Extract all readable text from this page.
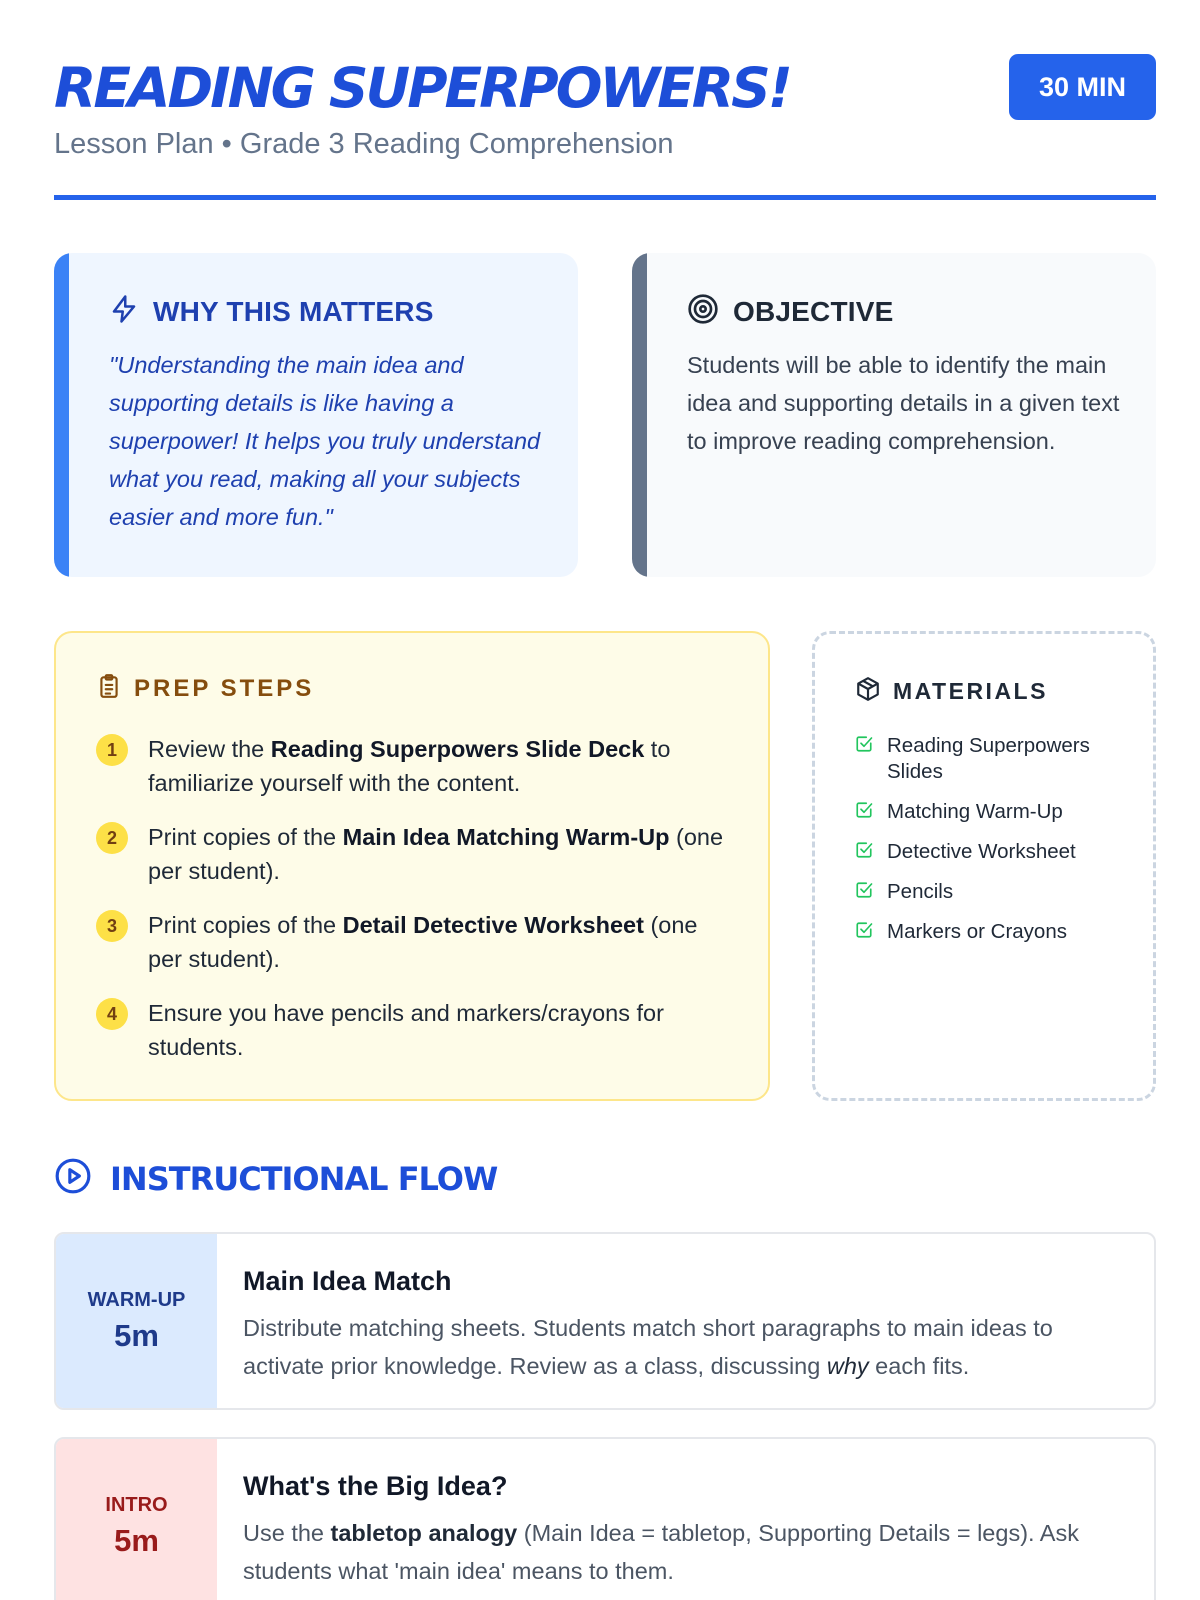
READING SUPERPOWERS!
Lesson Plan • Grade 3 Reading Comprehension
30 MIN
WHY THIS MATTERS

"Understanding the main idea and supporting details is like having a superpower! It helps you truly understand what you read, making all your subjects easier and more fun."

OBJECTIVE

Students will be able to identify the main idea and supporting details in a given text to improve reading comprehension.

PREP STEPS
1	Review the Reading Superpowers Slide Deck to familiarize yourself with the content.
2	Print copies of the Main Idea Matching Warm-Up (one per student).
3	Print copies of the Detail Detective Worksheet (one per student).
4	Ensure you have pencils and markers/crayons for students.
MATERIALS
Reading Superpowers Slides
Matching Warm-Up
Detective Worksheet
Pencils
Markers or Crayons
INSTRUCTIONAL FLOW
WARM-UP
5m
Main Idea Match

Distribute matching sheets. Students match short paragraphs to main ideas to activate prior knowledge. Review as a class, discussing why each fits.

INTRO
5m
What's the Big Idea?

Use the tabletop analogy (Main Idea = tabletop, Supporting Details = legs). Ask students what 'main idea' means to them.
